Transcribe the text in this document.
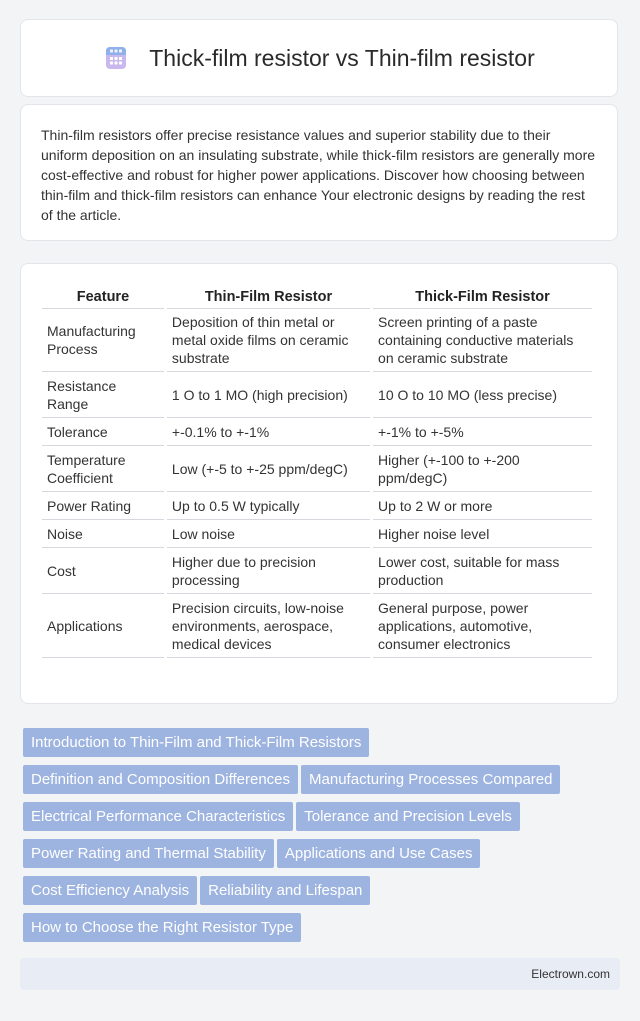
Thick-film resistor vs Thin-film resistor

Thin-film resistors offer precise resistance values and superior stability due to their uniform deposition on an insulating substrate, while thick-film resistors are generally more cost-effective and robust for higher power applications. Discover how choosing between thin-film and thick-film resistors can enhance Your electronic designs by reading the rest of the article.

Feature	Thin-Film Resistor	Thick-Film Resistor
Manufacturing Process	Deposition of thin metal or metal oxide films on ceramic substrate	Screen printing of a paste containing conductive materials on ceramic substrate
Resistance Range	1 O to 1 MO (high precision)	10 O to 10 MO (less precise)
Tolerance	+-0.1% to +-1%	+-1% to +-5%
Temperature Coefficient	Low (+-5 to +-25 ppm/degC)	Higher (+-100 to +-200 ppm/degC)
Power Rating	Up to 0.5 W typically	Up to 2 W or more
Noise	Low noise	Higher noise level
Cost	Higher due to precision processing	Lower cost, suitable for mass production
Applications	Precision circuits, low-noise environments, aerospace, medical devices	General purpose, power applications, automotive, consumer electronics
Introduction to Thin-Film and Thick-Film Resistors
Definition and Composition Differences Manufacturing Processes Compared
Electrical Performance Characteristics Tolerance and Precision Levels
Power Rating and Thermal Stability Applications and Use Cases
Cost Efficiency Analysis Reliability and Lifespan
How to Choose the Right Resistor Type
Electrown.com
